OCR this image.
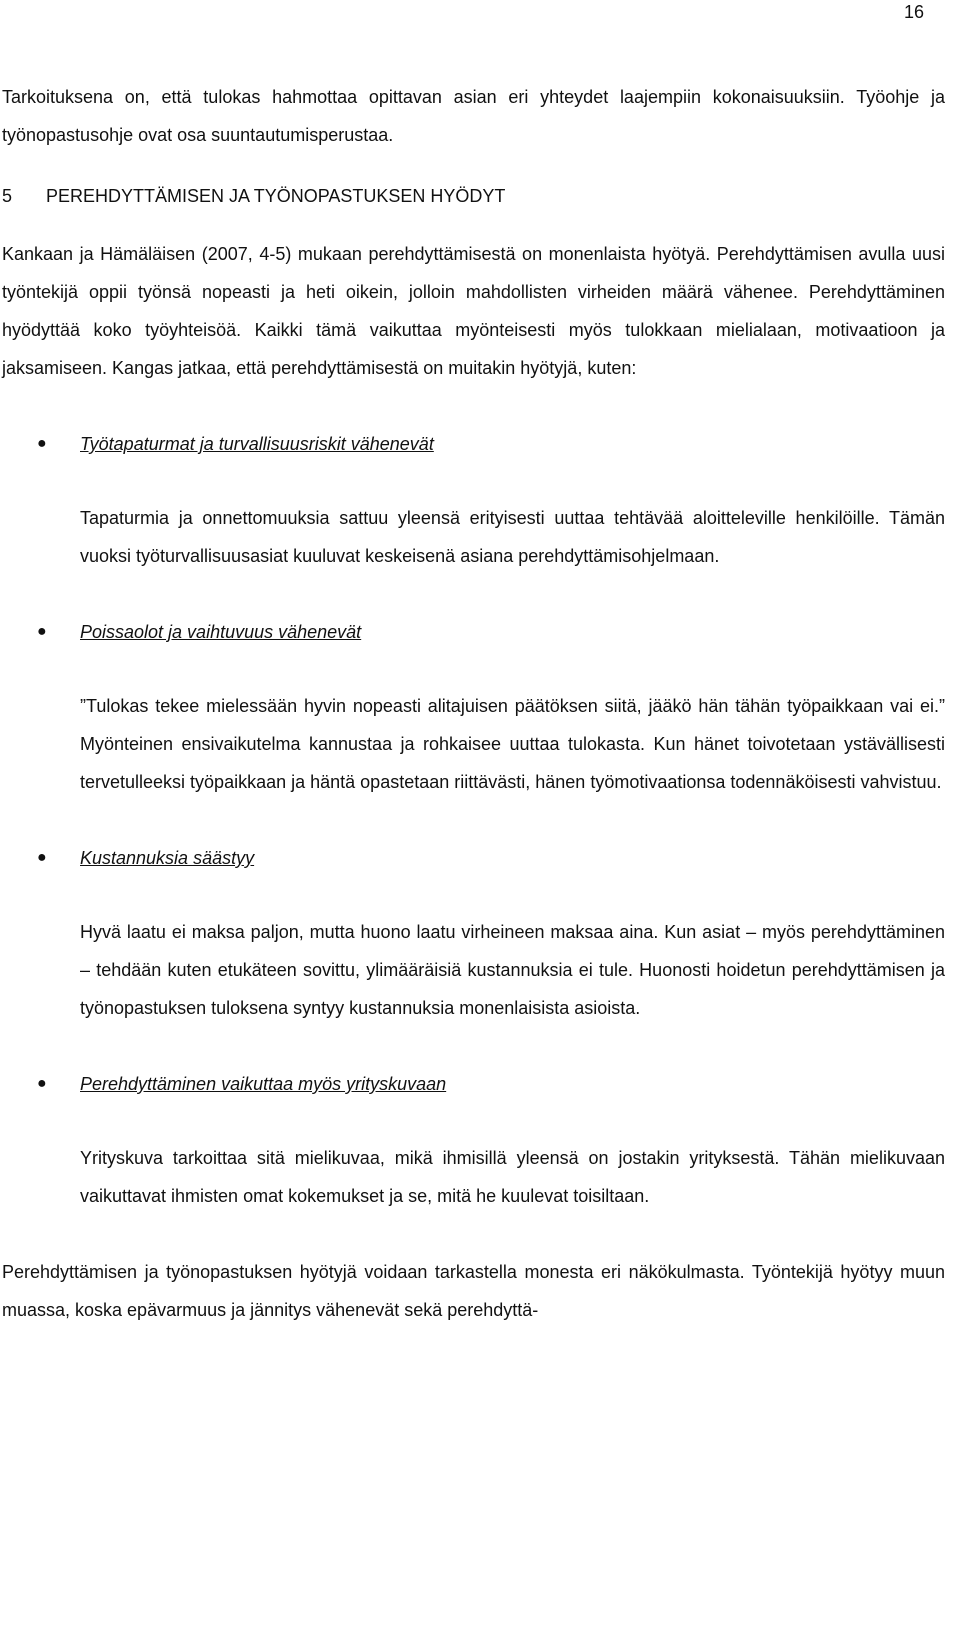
16

Tarkoituksena on, että tulokas hahmottaa opittavan asian eri yhteydet laajempiin kokonaisuuksiin. Työohje ja työnopastusohje ovat osa suuntautumisperustaa.

5 PEREHDYTTÄMISEN JA TYÖNOPASTUKSEN HYÖDYT

Kankaan ja Hämäläisen (2007, 4-5) mukaan perehdyttämisestä on monenlaista hyötyä. Perehdyttämisen avulla uusi työntekijä oppii työnsä nopeasti ja heti oikein, jolloin mahdollisten virheiden määrä vähenee. Perehdyttäminen hyödyttää koko työyhteisöä. Kaikki tämä vaikuttaa myönteisesti myös tulokkaan mielialaan, motivaatioon ja jaksamiseen. Kangas jatkaa, että perehdyttämisestä on muitakin hyötyjä, kuten:

● Työtapaturmat ja turvallisuusriskit vähenevät

Tapaturmia ja onnettomuuksia sattuu yleensä erityisesti uuttaa tehtävää aloitteleville henkilöille. Tämän vuoksi työturvallisuusasiat kuuluvat keskeisenä asiana perehdyttämisohjelmaan.

● Poissaolot ja vaihtuvuus vähenevät

”Tulokas tekee mielessään hyvin nopeasti alitajuisen päätöksen siitä, jääkö hän tähän työpaikkaan vai ei.” Myönteinen ensivaikutelma kannustaa ja rohkaisee uuttaa tulokasta. Kun hänet toivotetaan ystävällisesti tervetulleeksi työpaikkaan ja häntä opastetaan riittävästi, hänen työmotivaationsa todennäköisesti vahvistuu.

● Kustannuksia säästyy

Hyvä laatu ei maksa paljon, mutta huono laatu virheineen maksaa aina. Kun asiat – myös perehdyttäminen – tehdään kuten etukäteen sovittu, ylimääräisiä kustannuksia ei tule. Huonosti hoidetun perehdyttämisen ja työnopastuksen tuloksena syntyy kustannuksia monenlaisista asioista.

● Perehdyttäminen vaikuttaa myös yrityskuvaan

Yrityskuva tarkoittaa sitä mielikuvaa, mikä ihmisillä yleensä on jostakin yrityksestä. Tähän mielikuvaan vaikuttavat ihmisten omat kokemukset ja se, mitä he kuulevat toisiltaan.

Perehdyttämisen ja työnopastuksen hyötyjä voidaan tarkastella monesta eri näkökulmasta. Työntekijä hyötyy muun muassa, koska epävarmuus ja jännitys vähenevät sekä perehdyttä-
